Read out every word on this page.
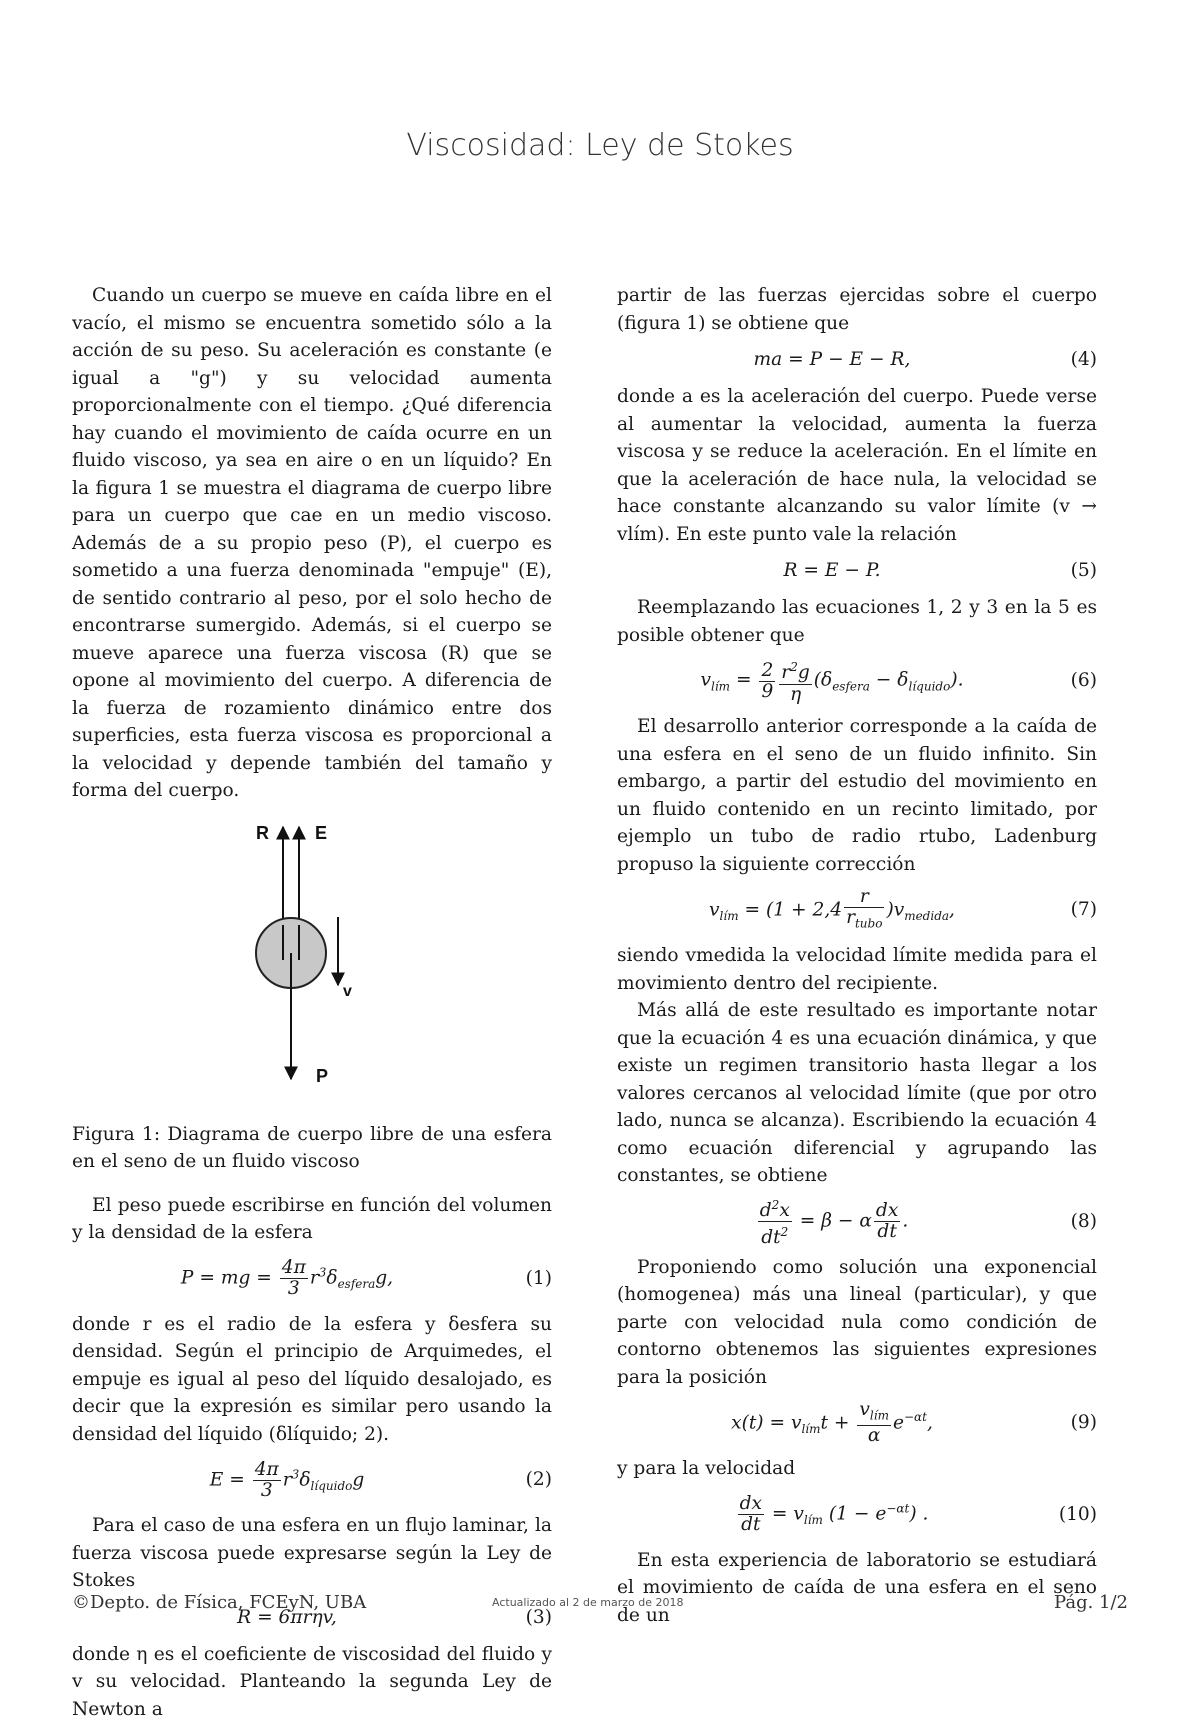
Viscosidad: Ley de Stokes

Cuando un cuerpo se mueve en caída libre en el vacío, el mismo se encuentra sometido sólo a la acción de su peso. Su aceleración es constante (e igual a "g") y su velocidad aumenta proporcionalmente con el tiempo. ¿Qué diferencia hay cuando el movimiento de caída ocurre en un fluido viscoso, ya sea en aire o en un líquido? En la figura 1 se muestra el diagrama de cuerpo libre para un cuerpo que cae en un medio viscoso. Además de a su propio peso (P), el cuerpo es sometido a una fuerza denominada "empuje" (E), de sentido contrario al peso, por el solo hecho de encontrarse sumergido. Además, si el cuerpo se mueve aparece una fuerza viscosa (R) que se opone al movimiento del cuerpo. A diferencia de la fuerza de rozamiento dinámico entre dos superficies, esta fuerza viscosa es proporcional a la velocidad y depende también del tamaño y forma del cuerpo.

R	E
v
P

Figura 1: Diagrama de cuerpo libre de una esfera en el seno de un fluido viscoso

El peso puede escribirse en función del volumen y la densidad de la esfera

P = mg = $\frac{4\pi}{3} r^3\delta_{esfera}g$,	(1)

donde r es el radio de la esfera y δesfera su densidad. Según el principio de Arquimedes, el empuje es igual al peso del líquido desalojado, es decir que la expresión es similar pero usando la densidad del líquido (δlíquido; 2).

$E = \frac{4\pi}{3} r^3\delta_{líquido}g$	(2)

Para el caso de una esfera en un flujo laminar, la fuerza viscosa puede expresarse según la Ley de Stokes

R = 6πrηv,	(3)

donde η es el coeficiente de viscosidad del fluido y v su velocidad. Planteando la segunda Ley de Newton a

partir de las fuerzas ejercidas sobre el cuerpo (figura 1) se obtiene que

ma = P − E − R,	(4)

donde a es la aceleración del cuerpo. Puede verse al aumentar la velocidad, aumenta la fuerza viscosa y se reduce la aceleración. En el límite en que la aceleración de hace nula, la velocidad se hace constante alcanzando su valor límite (v → vlím). En este punto vale la relación

R = E − P.	(5)

Reemplazando las ecuaciones 1, 2 y 3 en la 5 es posible obtener que

$v_{lím} = \frac{2}{9} \frac{r^2g}{\eta} (\delta_{esfera} - \delta_{líquido})$.	(6)

El desarrollo anterior corresponde a la caída de una esfera en el seno de un fluido infinito. Sin embargo, a partir del estudio del movimiento en un fluido contenido en un recinto limitado, por ejemplo un tubo de radio rtubo, Ladenburg propuso la siguiente corrección

$v_{lím} = (1 + 2,4 \frac{r}{r_{tubo}} )v_{medida}$,	(7)

siendo vmedida la velocidad límite medida para el movimiento dentro del recipiente.

Más allá de este resultado es importante notar que la ecuación 4 es una ecuación dinámica, y que existe un regimen transitorio hasta llegar a los valores cercanos al velocidad límite (que por otro lado, nunca se alcanza). Escribiendo la ecuación 4 como ecuación diferencial y agrupando las constantes, se obtiene

$\frac{d^2x}{dt^2} = \beta - \alpha \frac{dx}{dt}$ .	(8)

Proponiendo como solución una exponencial (homogenea) más una lineal (particular), y que parte con velocidad nula como condición de contorno obtenemos las siguientes expresiones para la posición

$x(t) = v_{lím}t + \frac{v_{lím}}{\alpha} e^{-\alpha t}$,	(9)

y para la velocidad

$\frac{dx}{dt} = v_{lím}$ $(1 - e^{-\alpha t})$ .	(10)

En esta experiencia de laboratorio se estudiará el movimiento de caída de una esfera en el seno de un

©Depto. de Física, FCEyN, UBA	Actualizado al 2 de marzo de 2018	Pág. 1/2
